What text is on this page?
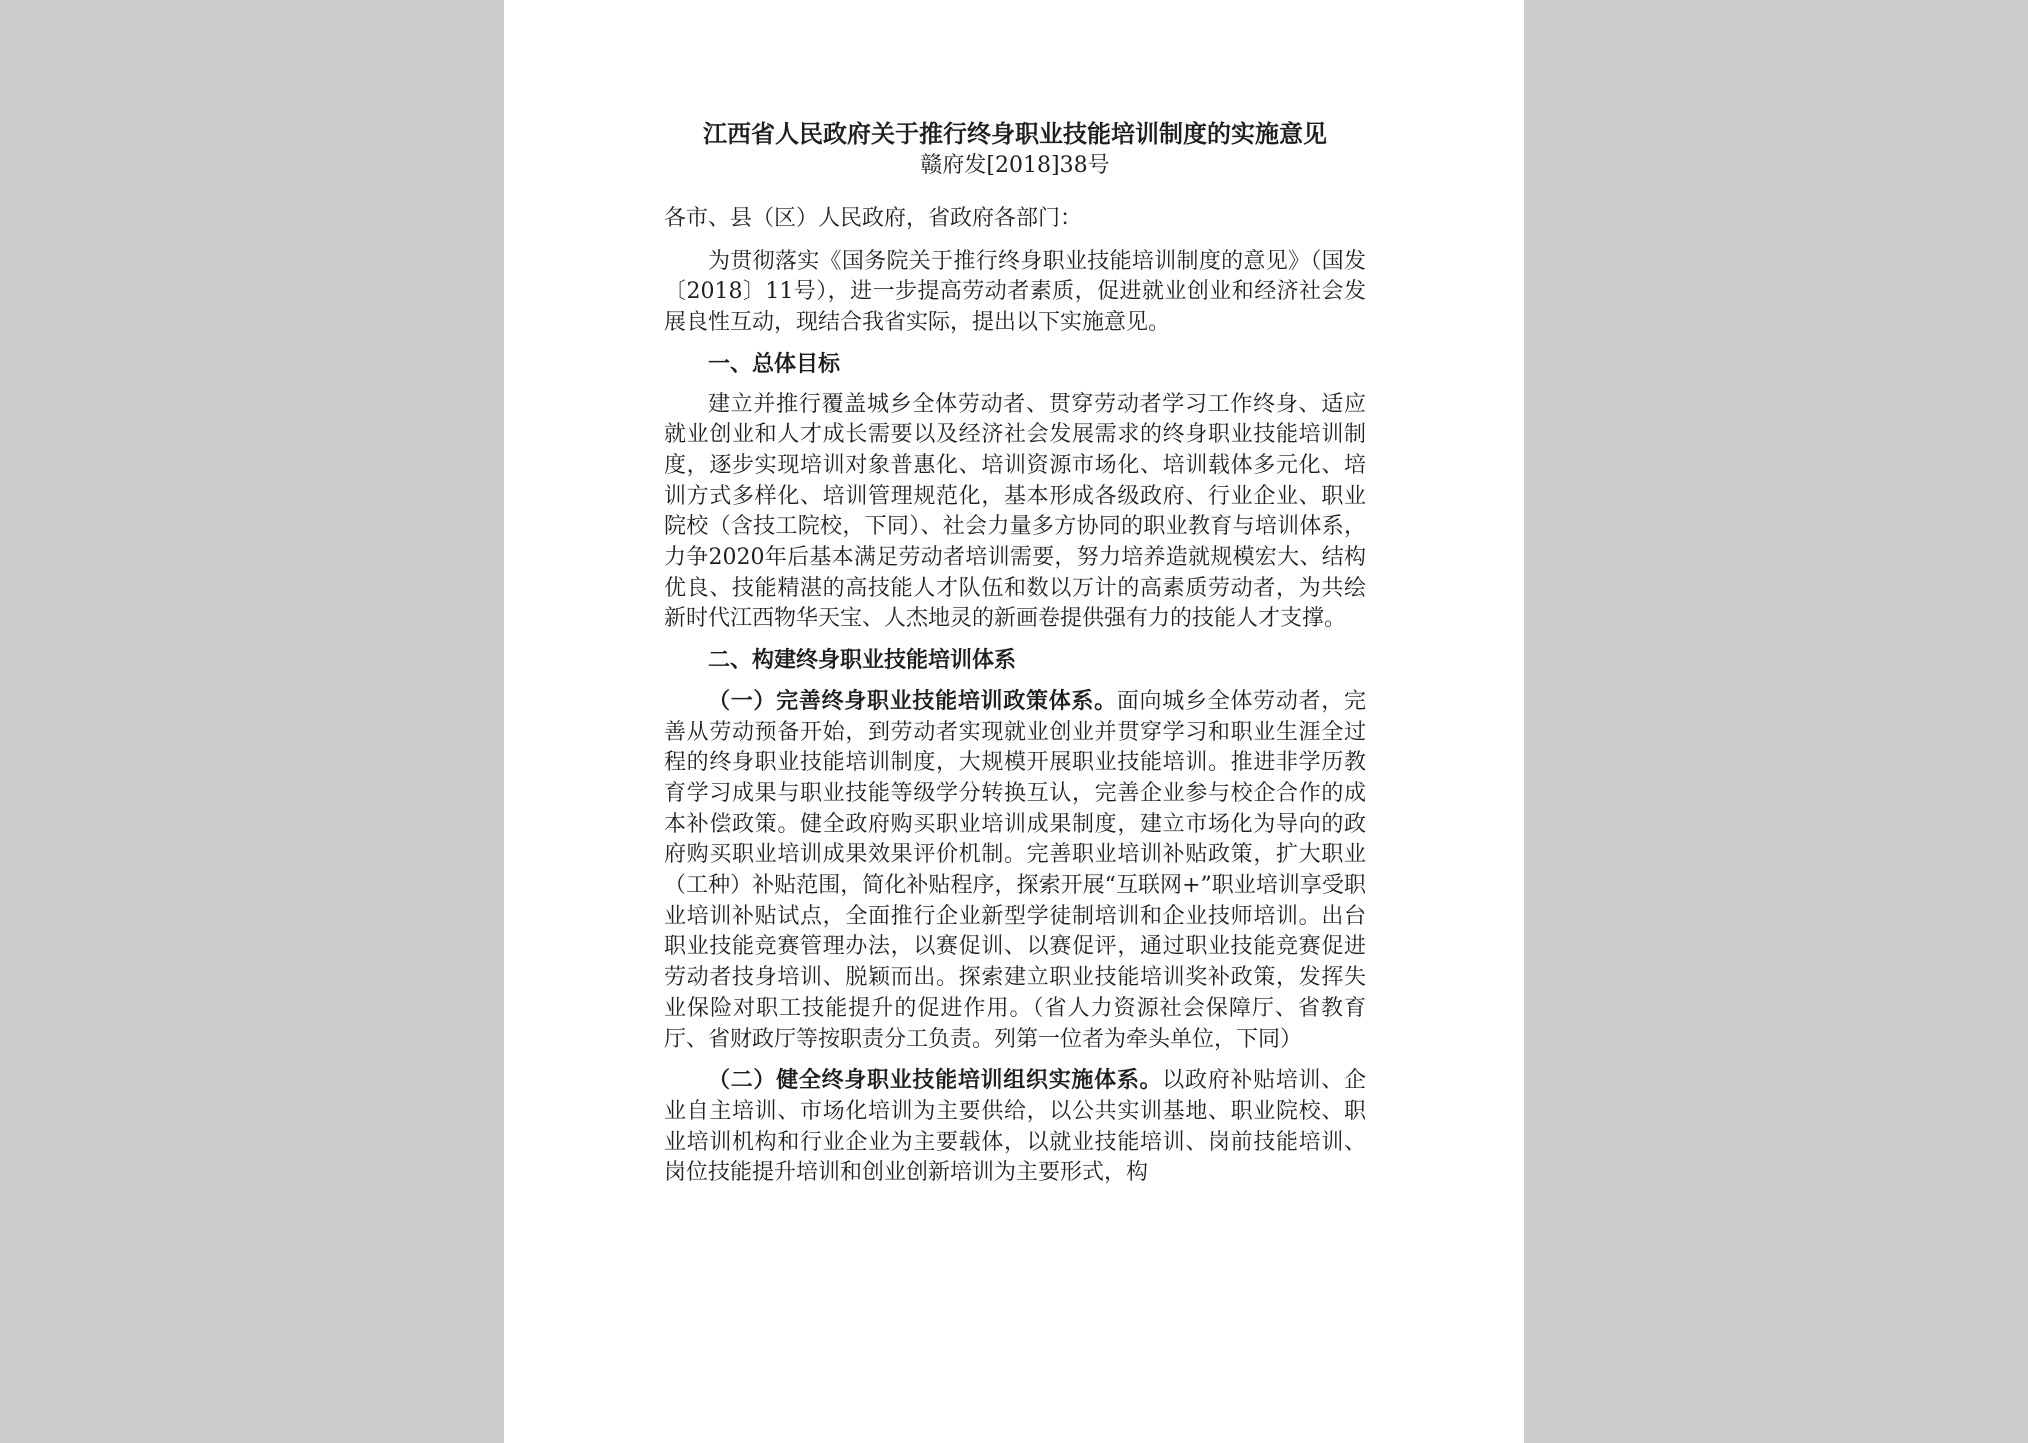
江西省人民政府关于推行终身职业技能培训制度的实施意见
赣府发[2018]38号

各市、县（区）人民政府，省政府各部门：

为贯彻落实《国务院关于推行终身职业技能培训制度的意见》（国发〔2018〕11号），进一步提高劳动者素质，促进就业创业和经济社会发展良性互动，现结合我省实际，提出以下实施意见。

一、总体目标

建立并推行覆盖城乡全体劳动者、贯穿劳动者学习工作终身、适应就业创业和人才成长需要以及经济社会发展需求的终身职业技能培训制度，逐步实现培训对象普惠化、培训资源市场化、培训载体多元化、培训方式多样化、培训管理规范化，基本形成各级政府、行业企业、职业院校（含技工院校，下同）、社会力量多方协同的职业教育与培训体系，力争2020年后基本满足劳动者培训需要，努力培养造就规模宏大、结构优良、技能精湛的高技能人才队伍和数以万计的高素质劳动者，为共绘新时代江西物华天宝、人杰地灵的新画卷提供强有力的技能人才支撑。

二、构建终身职业技能培训体系

（一）完善终身职业技能培训政策体系。面向城乡全体劳动者，完善从劳动预备开始，到劳动者实现就业创业并贯穿学习和职业生涯全过程的终身职业技能培训制度，大规模开展职业技能培训。推进非学历教育学习成果与职业技能等级学分转换互认，完善企业参与校企合作的成本补偿政策。健全政府购买职业培训成果制度，建立市场化为导向的政府购买职业培训成果效果评价机制。完善职业培训补贴政策，扩大职业（工种）补贴范围，简化补贴程序，探索开展“互联网+”职业培训享受职业培训补贴试点，全面推行企业新型学徒制培训和企业技师培训。出台职业技能竞赛管理办法，以赛促训、以赛促评，通过职业技能竞赛促进劳动者技身培训、脱颖而出。探索建立职业技能培训奖补政策，发挥失业保险对职工技能提升的促进作用。（省人力资源社会保障厅、省教育厅、省财政厅等按职责分工负责。列第一位者为牵头单位，下同）

（二）健全终身职业技能培训组织实施体系。以政府补贴培训、企业自主培训、市场化培训为主要供给，以公共实训基地、职业院校、职业培训机构和行业企业为主要载体，以就业技能培训、岗前技能培训、岗位技能提升培训和创业创新培训为主要形式，构
